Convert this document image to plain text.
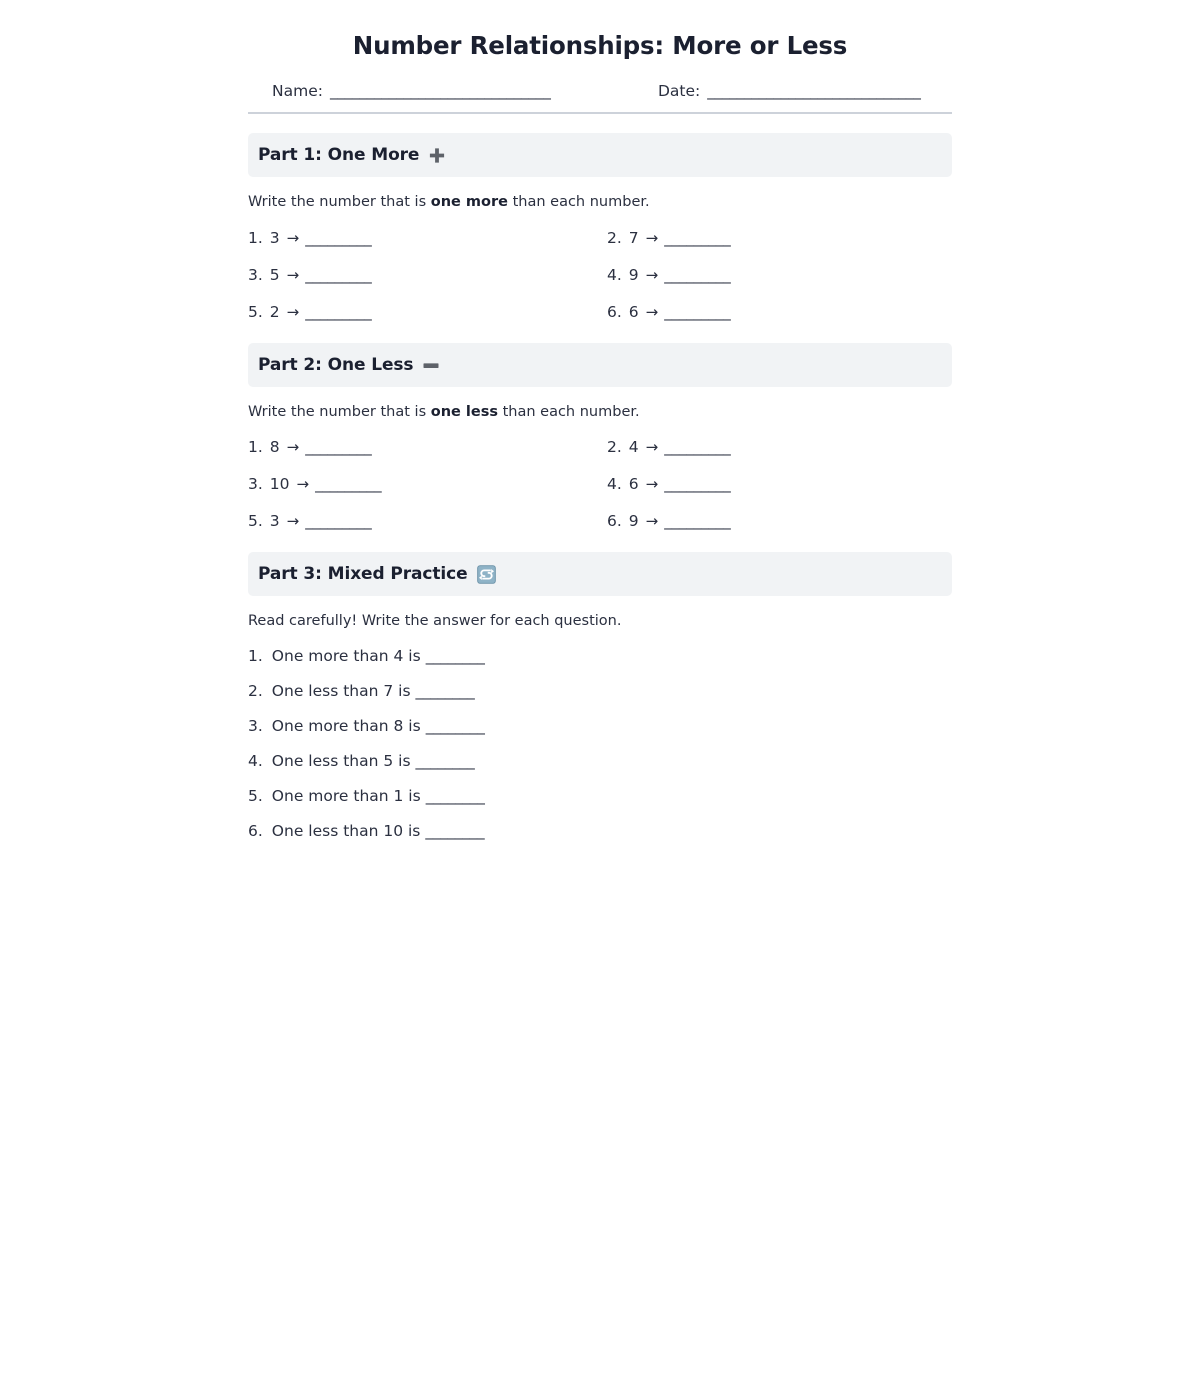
Number Relationships: More or Less
Name: ______________________________	Date: _____________________________
Part 1: One More
Write the number that is one more than each number.
1. 3 → _________	2. 7 → _________
3. 5 → _________	4. 9 → _________
5. 2 → _________	6. 6 → _________
Part 2: One Less
Write the number that is one less than each number.
1. 8 → _________	2. 4 → _________
3. 10 → _________	4. 6 → _________
5. 3 → _________	6. 9 → _________
Part 3: Mixed Practice
Read carefully! Write the answer for each question.
1. One more than 4 is ________
2. One less than 7 is ________
3. One more than 8 is ________
4. One less than 5 is ________
5. One more than 1 is ________
6. One less than 10 is ________
